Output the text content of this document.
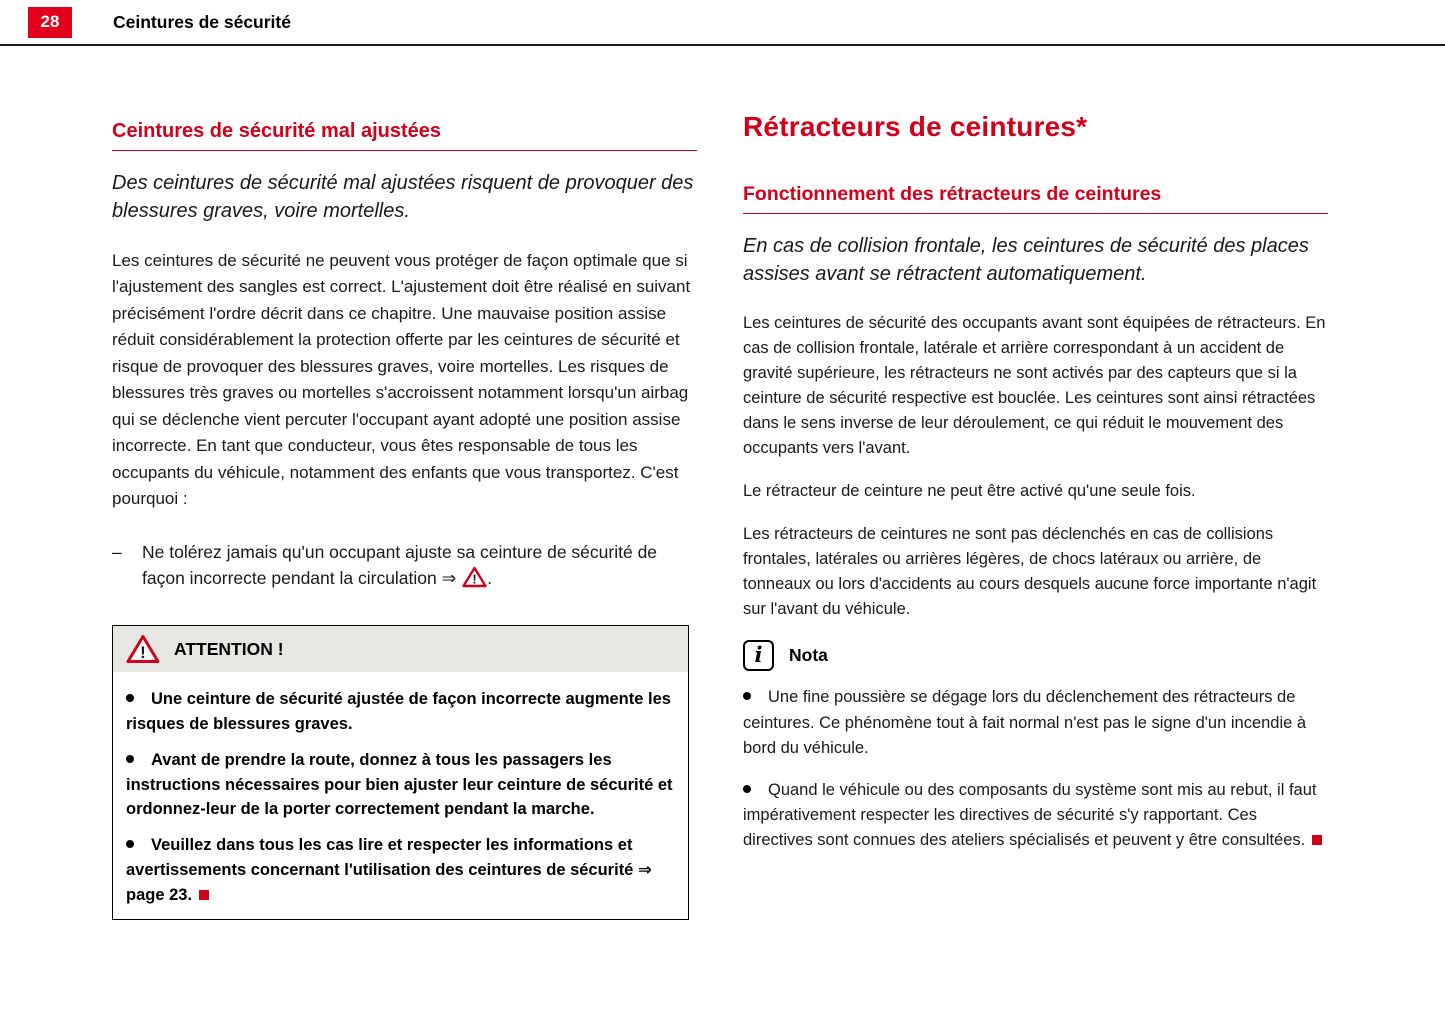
28	Ceintures de sécurité
Ceintures de sécurité mal ajustées

Des ceintures de sécurité mal ajustées risquent de provoquer des blessures graves, voire mortelles.

Les ceintures de sécurité ne peuvent vous protéger de façon optimale que si l'ajustement des sangles est correct. L'ajustement doit être réalisé en suivant précisément l'ordre décrit dans ce chapitre. Une mauvaise position assise réduit considérablement la protection offerte par les ceintures de sécurité et risque de provoquer des blessures graves, voire mortelles. Les risques de blessures très graves ou mortelles s'accroissent notamment lorsqu'un airbag qui se déclenche vient percuter l'occupant ayant adopté une position assise incorrecte. En tant que conducteur, vous êtes responsable de tous les occupants du véhicule, notamment des enfants que vous transportez. C'est pourquoi :

– Ne tolérez jamais qu'un occupant ajuste sa ceinture de sécurité de façon incorrecte pendant la circulation ⇒ ! .
! ATTENTION !

Une ceinture de sécurité ajustée de façon incorrecte augmente les risques de blessures graves.

Avant de prendre la route, donnez à tous les passagers les instructions nécessaires pour bien ajuster leur ceinture de sécurité et ordonnez-leur de la porter correctement pendant la marche.

Veuillez dans tous les cas lire et respecter les informations et avertissements concernant l'utilisation des ceintures de sécurité ⇒ page 23.

Rétracteurs de ceintures*
Fonctionnement des rétracteurs de ceintures

En cas de collision frontale, les ceintures de sécurité des places assises avant se rétractent automatiquement.

Les ceintures de sécurité des occupants avant sont équipées de rétracteurs. En cas de collision frontale, latérale et arrière correspondant à un accident de gravité supérieure, les rétracteurs ne sont activés par des capteurs que si la ceinture de sécurité respective est bouclée. Les ceintures sont ainsi rétractées dans le sens inverse de leur déroulement, ce qui réduit le mouvement des occupants vers l'avant.

Le rétracteur de ceinture ne peut être activé qu'une seule fois.

Les rétracteurs de ceintures ne sont pas déclenchés en cas de collisions frontales, latérales ou arrières légères, de chocs latéraux ou arrière, de tonneaux ou lors d'accidents au cours desquels aucune force importante n'agit sur l'avant du véhicule.

i Nota

Une fine poussière se dégage lors du déclenchement des rétracteurs de ceintures. Ce phénomène tout à fait normal n'est pas le signe d'un incendie à bord du véhicule.

Quand le véhicule ou des composants du système sont mis au rebut, il faut impérativement respecter les directives de sécurité s'y rapportant. Ces directives sont connues des ateliers spécialisés et peuvent y être consultées.
